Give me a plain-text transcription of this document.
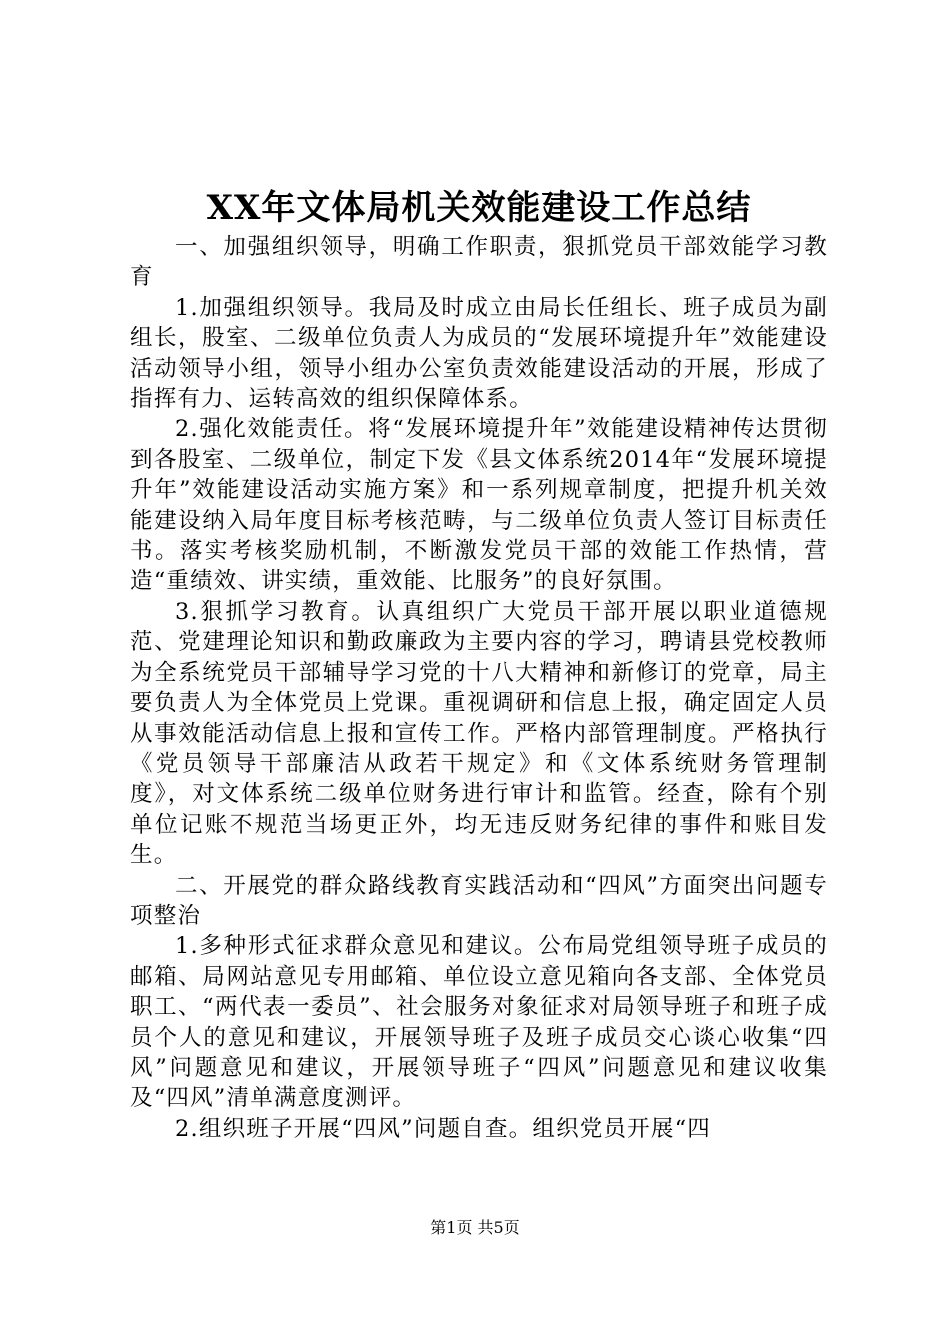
XX年文体局机关效能建设工作总结

一、加强组织领导，明确工作职责，狠抓党员干部效能学习教育

1.加强组织领导。我局及时成立由局长任组长、班子成员为副组长，股室、二级单位负责人为成员的“发展环境提升年”效能建设活动领导小组，领导小组办公室负责效能建设活动的开展，形成了指挥有力、运转高效的组织保障体系。

2.强化效能责任。将“发展环境提升年”效能建设精神传达贯彻到各股室、二级单位，制定下发《县文体系统2014年“发展环境提升年”效能建设活动实施方案》和一系列规章制度，把提升机关效能建设纳入局年度目标考核范畴，与二级单位负责人签订目标责任书。落实考核奖励机制，不断激发党员干部的效能工作热情，营造“重绩效、讲实绩，重效能、比服务”的良好氛围。

3.狠抓学习教育。认真组织广大党员干部开展以职业道德规范、党建理论知识和勤政廉政为主要内容的学习，聘请县党校教师为全系统党员干部辅导学习党的十八大精神和新修订的党章，局主要负责人为全体党员上党课。重视调研和信息上报，确定固定人员从事效能活动信息上报和宣传工作。严格内部管理制度。严格执行《党员领导干部廉洁从政若干规定》和《文体系统财务管理制度》，对文体系统二级单位财务进行审计和监管。经查，除有个别单位记账不规范当场更正外，均无违反财务纪律的事件和账目发生。

二、开展党的群众路线教育实践活动和“四风”方面突出问题专项整治

1.多种形式征求群众意见和建议。公布局党组领导班子成员的邮箱、局网站意见专用邮箱、单位设立意见箱向各支部、全体党员职工、“两代表一委员”、社会服务对象征求对局领导班子和班子成员个人的意见和建议，开展领导班子及班子成员交心谈心收集“四风”问题意见和建议，开展领导班子“四风”问题意见和建议收集及“四风”清单满意度测评。

2.组织班子开展“四风”问题自查。组织党员开展“四

第1页 共5页
